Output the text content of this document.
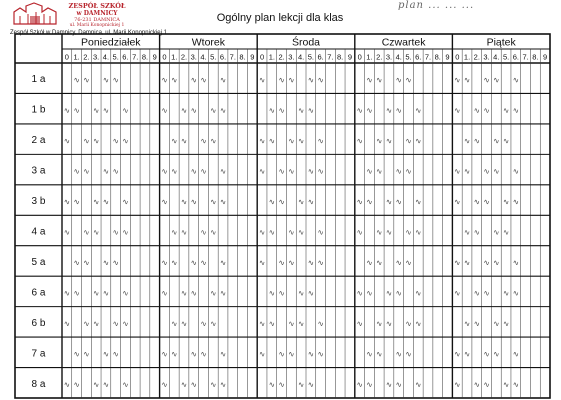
Poniedziałek
0 1. 2. 3. 4. 5. 6. 7. 8. 9
Wtorek
0 1. 2. 3. 4. 5. 6. 7. 8. 9
Środa
0 1. 2. 3. 4. 5. 6. 7. 8. 9
Czwartek
0 1. 2. 3. 4. 5. 6. 7. 8. 9
Piątek
0 1. 2. 3. 4. 5. 6. 7. 8. 9
1 a
1 b
2 a
3 a
3 b
4 a
5 a
6 a
6 b
7 a
8 a
ZESPÓŁ SZKÓŁ
w DAMNICY
76-231 DAMNICA
ul. Marii Konopnickiej 1
Zespół Szkół w Damnicy, Damnica, ul. Marii Konopnickiej 1
Ogólny plan lekcji dla klas
plan ... ... ...
